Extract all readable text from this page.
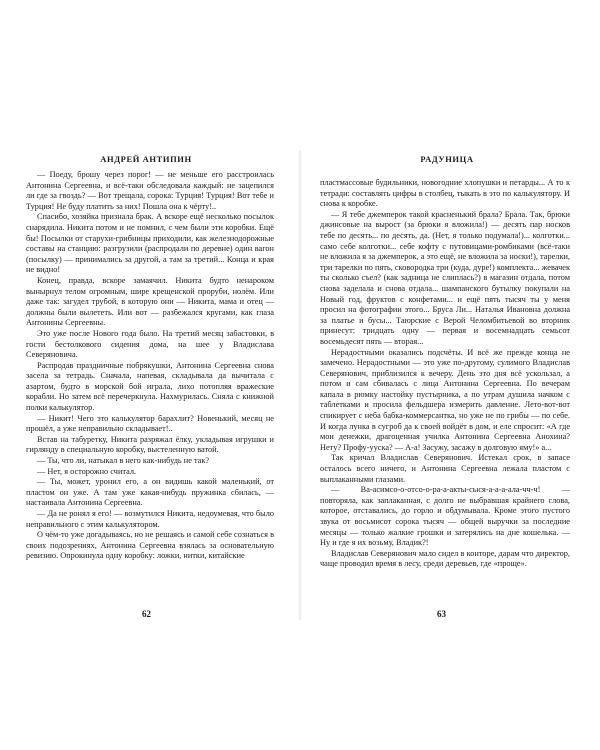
АНДРЕЙ АНТИПИН

— Поеду, брошу через порог! — не меньше его расстроилась Антонина Сергеевна, и всё-таки обследовала каждый: не зацепился ли где за гвоздь? — Вот трещала, сорока: Турция! Турция! Вот тебе и Турция! Не буду платить за них! Пошла она к чёрту!..

Спасибо, хозяйка признала брак. А вскоре ещё несколько посылок снарядила. Никита потом и не помнил, с чем были эти коробки. Ещё бы! Посылки от старухи-грибницы приходили, как железнодорожные составы на станцию: разгрузили (распродали по деревне) один вагон (посылку) — принимались за другой, а там за третий... Конца и края не видно!

Конец, правда, вскоре замаячил. Никита будто ненароком вынырнул телом огромным, шире крещенской проруби, нолём. Или даже так: загудел трубой, в которую они — Никита, мама и отец — должны были вылететь. Или вот — разбежался кругами, как глаза Антонины Сергеевны.

Это уже после Нового года было. На третий месяц забастовки, в гости бестолкового сидения дома, на шее у Владислава Северяновича.

Распродав праздничные побрякушки, Антонина Сергеевна снова засела за тетрадь. Сначала, напевая, складывала да вычитала с азартом, будто в морской бой играла, лихо потопляя вражеские корабли. Но затем всё перечеркнула. Нахмурилась. Сняла с книжной полки калькулятор.

— Никит! Чего это калькулятор барахлит? Новенький, месяц не прошёл, а уже неправильно складывает!..

Встав на табуретку, Никита разряжал ёлку, укладывая игрушки и гирлянду в специальную коробку, выстеленную ватой.

— Ты, что ли, натыкал в него как-нибудь не так?

— Нет, я осторожно считал.

— Ты, может, уронил его, а он видишь какой маленький, от пластом он уже. А там уже какая-нибудь пружинка сбилась, — настаивала Антонина Сергеевна.

— Да не ронял я его! — возмутился Никита, недоумевая, что было неправильного с этим калькулятором.

О чём-то уже догадываясь, но не решаясь и самой себе сознаться в своих подозрениях, Антонина Сергеевна взялась за основательную ревизию. Опрокинула одну коробку: ложки, нитки, китайские

62
РАДУНИЦА

пластмассовые будильники, новогодние хлопушки и петарды... А то к тетради: составлять цифры в столбец, тыкать в это по калькулятору. И снова к коробке.

— Я тебе джемперок такой красненький брала? Брала. Так, брюки джинсовые на вырост (за брюки я вложила!) — десять пар носков тебе по десять... по десять, да. (Нет, я только подумала!)... колготки... само себе колготки... себе кофту с путовицами-ромбиками (всё-таки не вложила я за джемперок, а это ещё, не вложила за носки!), тарелки, три тарелки по пять, сковородка три (куда, дуре!) комплекта... жевачек ты сколько съел? (как задница не слиплась?) в магазин отдала, потом снова заделала и снова отдала... шампанского бутылку покупали на Новый год, фруктов с конфетами... и ещё пять тысяч ты у меня просил на фотографии этого... Бруса Ли... Наталья Ивановна должна за платье и бусы... Таюрские с Верой Челомбитьевой во вторник принесут: тридцать одну — первая и восемнадцать семьсот восемьдесят пять — вторая...

Нерадостными оказались подсчёты. И всё же прежде конца не замечено. Нерадостными — это уже по-другому, сулимого Владислав Северянович, приблизился к вечеру. День это дня всё ускользал, а потом и сам сбивалась с лица Антонина Сергеевна. По вечерам капала в рюмку настойку пустырника, а по утрам душила начком с таблетками и просила фельдшера измерить давление. Лето-вот-вот спикирует с неба бабка-коммерсантка, но уже не по грибы — по себе. И когда лунка в сугроб да к своей войдёт в дом, и еле спросит: «А где мои денежки, драгоценная училка Антонина Сергеевна Анохина? Нету? Профу-ууска? — А-а! Засужу, засажу в долговую яму!» а...

Так кричал Владислав Северянович. Истекал срок, в запасе осталось всего ничего, и Антонина Сергеевна лежала пластом с выплаканными глазами.

— Ва-асимсо-о-отсо-о-ра-а-акты-сыся-а-а-а-ала-чч-ч! — повторяла, как заплаканная, с долго не выбравшая крайнего слова, которое, отставались, до горло и обдумывала. Кроме этого пустого звука от восьмисот сорока тысяч — общей выручки за последние месяцы — только жалкие грошки и затерялись на дне кошелька. — Ну и где я их возьму, Владик?!

Владислав Северянович мало сидел в конторе, дарам что директор, чаще проводил время в лесу, среди деревьев, где «проще».

63
